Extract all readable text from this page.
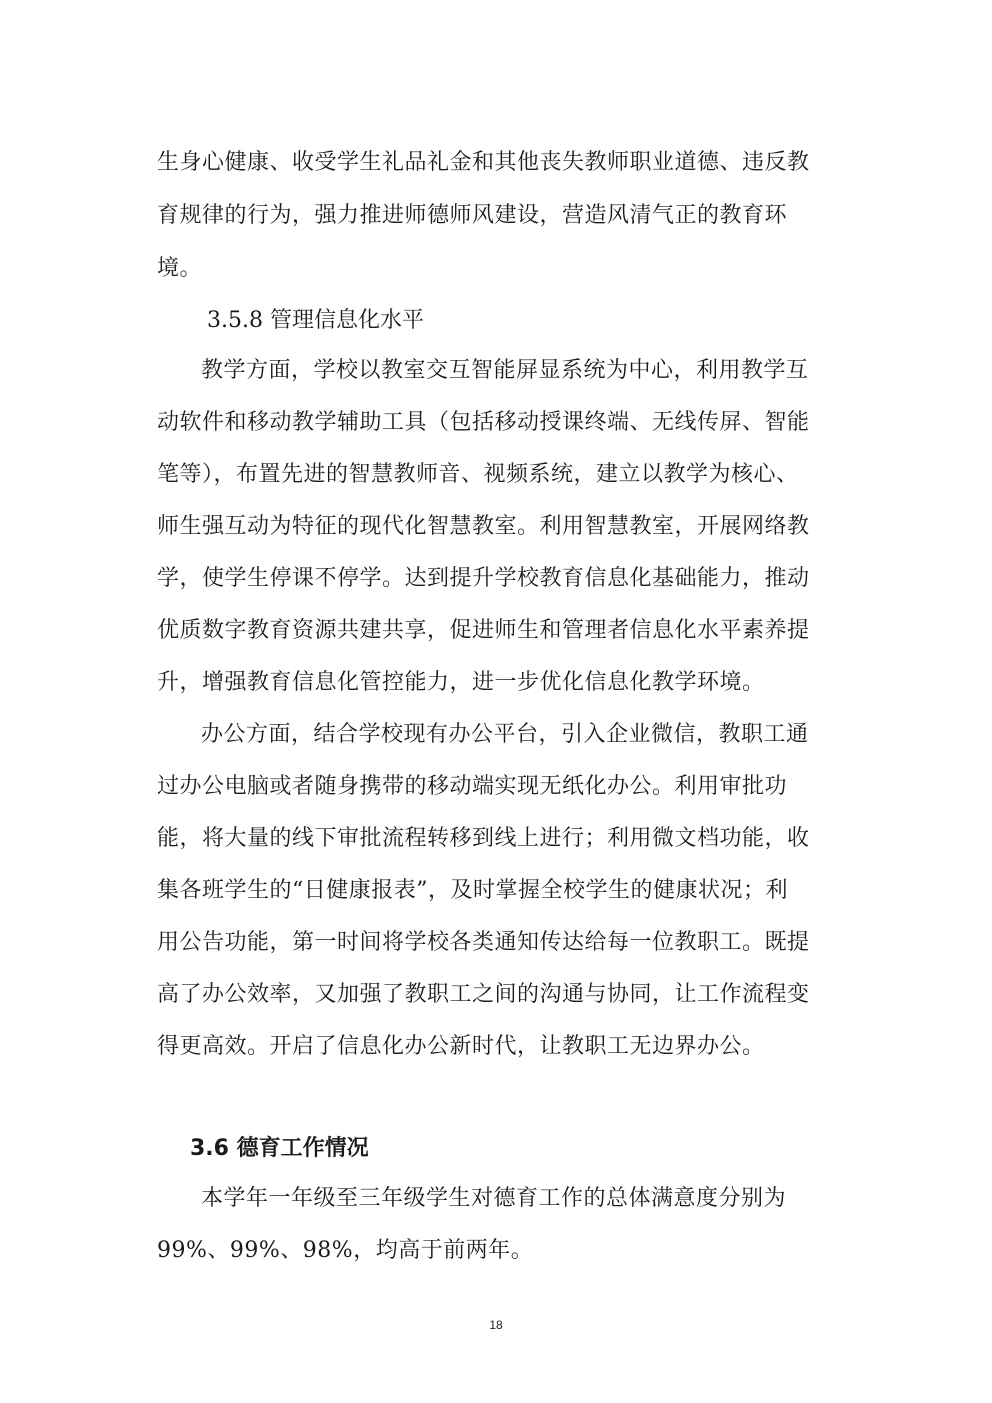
生身心健康、收受学生礼品礼金和其他丧失教师职业道德、违反教
育规律的行为，强力推进师德师风建设，营造风清气正的教育环
境。
3.5.8 管理信息化水平
教学方面，学校以教室交互智能屏显系统为中心，利用教学互
动软件和移动教学辅助工具（包括移动授课终端、无线传屏、智能
笔等），布置先进的智慧教师音、视频系统，建立以教学为核心、
师生强互动为特征的现代化智慧教室。利用智慧教室，开展网络教
学，使学生停课不停学。达到提升学校教育信息化基础能力，推动
优质数字教育资源共建共享，促进师生和管理者信息化水平素养提
升，增强教育信息化管控能力，进一步优化信息化教学环境。
办公方面，结合学校现有办公平台，引入企业微信，教职工通
过办公电脑或者随身携带的移动端实现无纸化办公。利用审批功
能，将大量的线下审批流程转移到线上进行；利用微文档功能，收
集各班学生的“日健康报表”，及时掌握全校学生的健康状况；利
用公告功能，第一时间将学校各类通知传达给每一位教职工。既提
高了办公效率，又加强了教职工之间的沟通与协同，让工作流程变
得更高效。开启了信息化办公新时代，让教职工无边界办公。
3.6 德育工作情况
本学年一年级至三年级学生对德育工作的总体满意度分别为
99%、99%、98%，均高于前两年。
18
